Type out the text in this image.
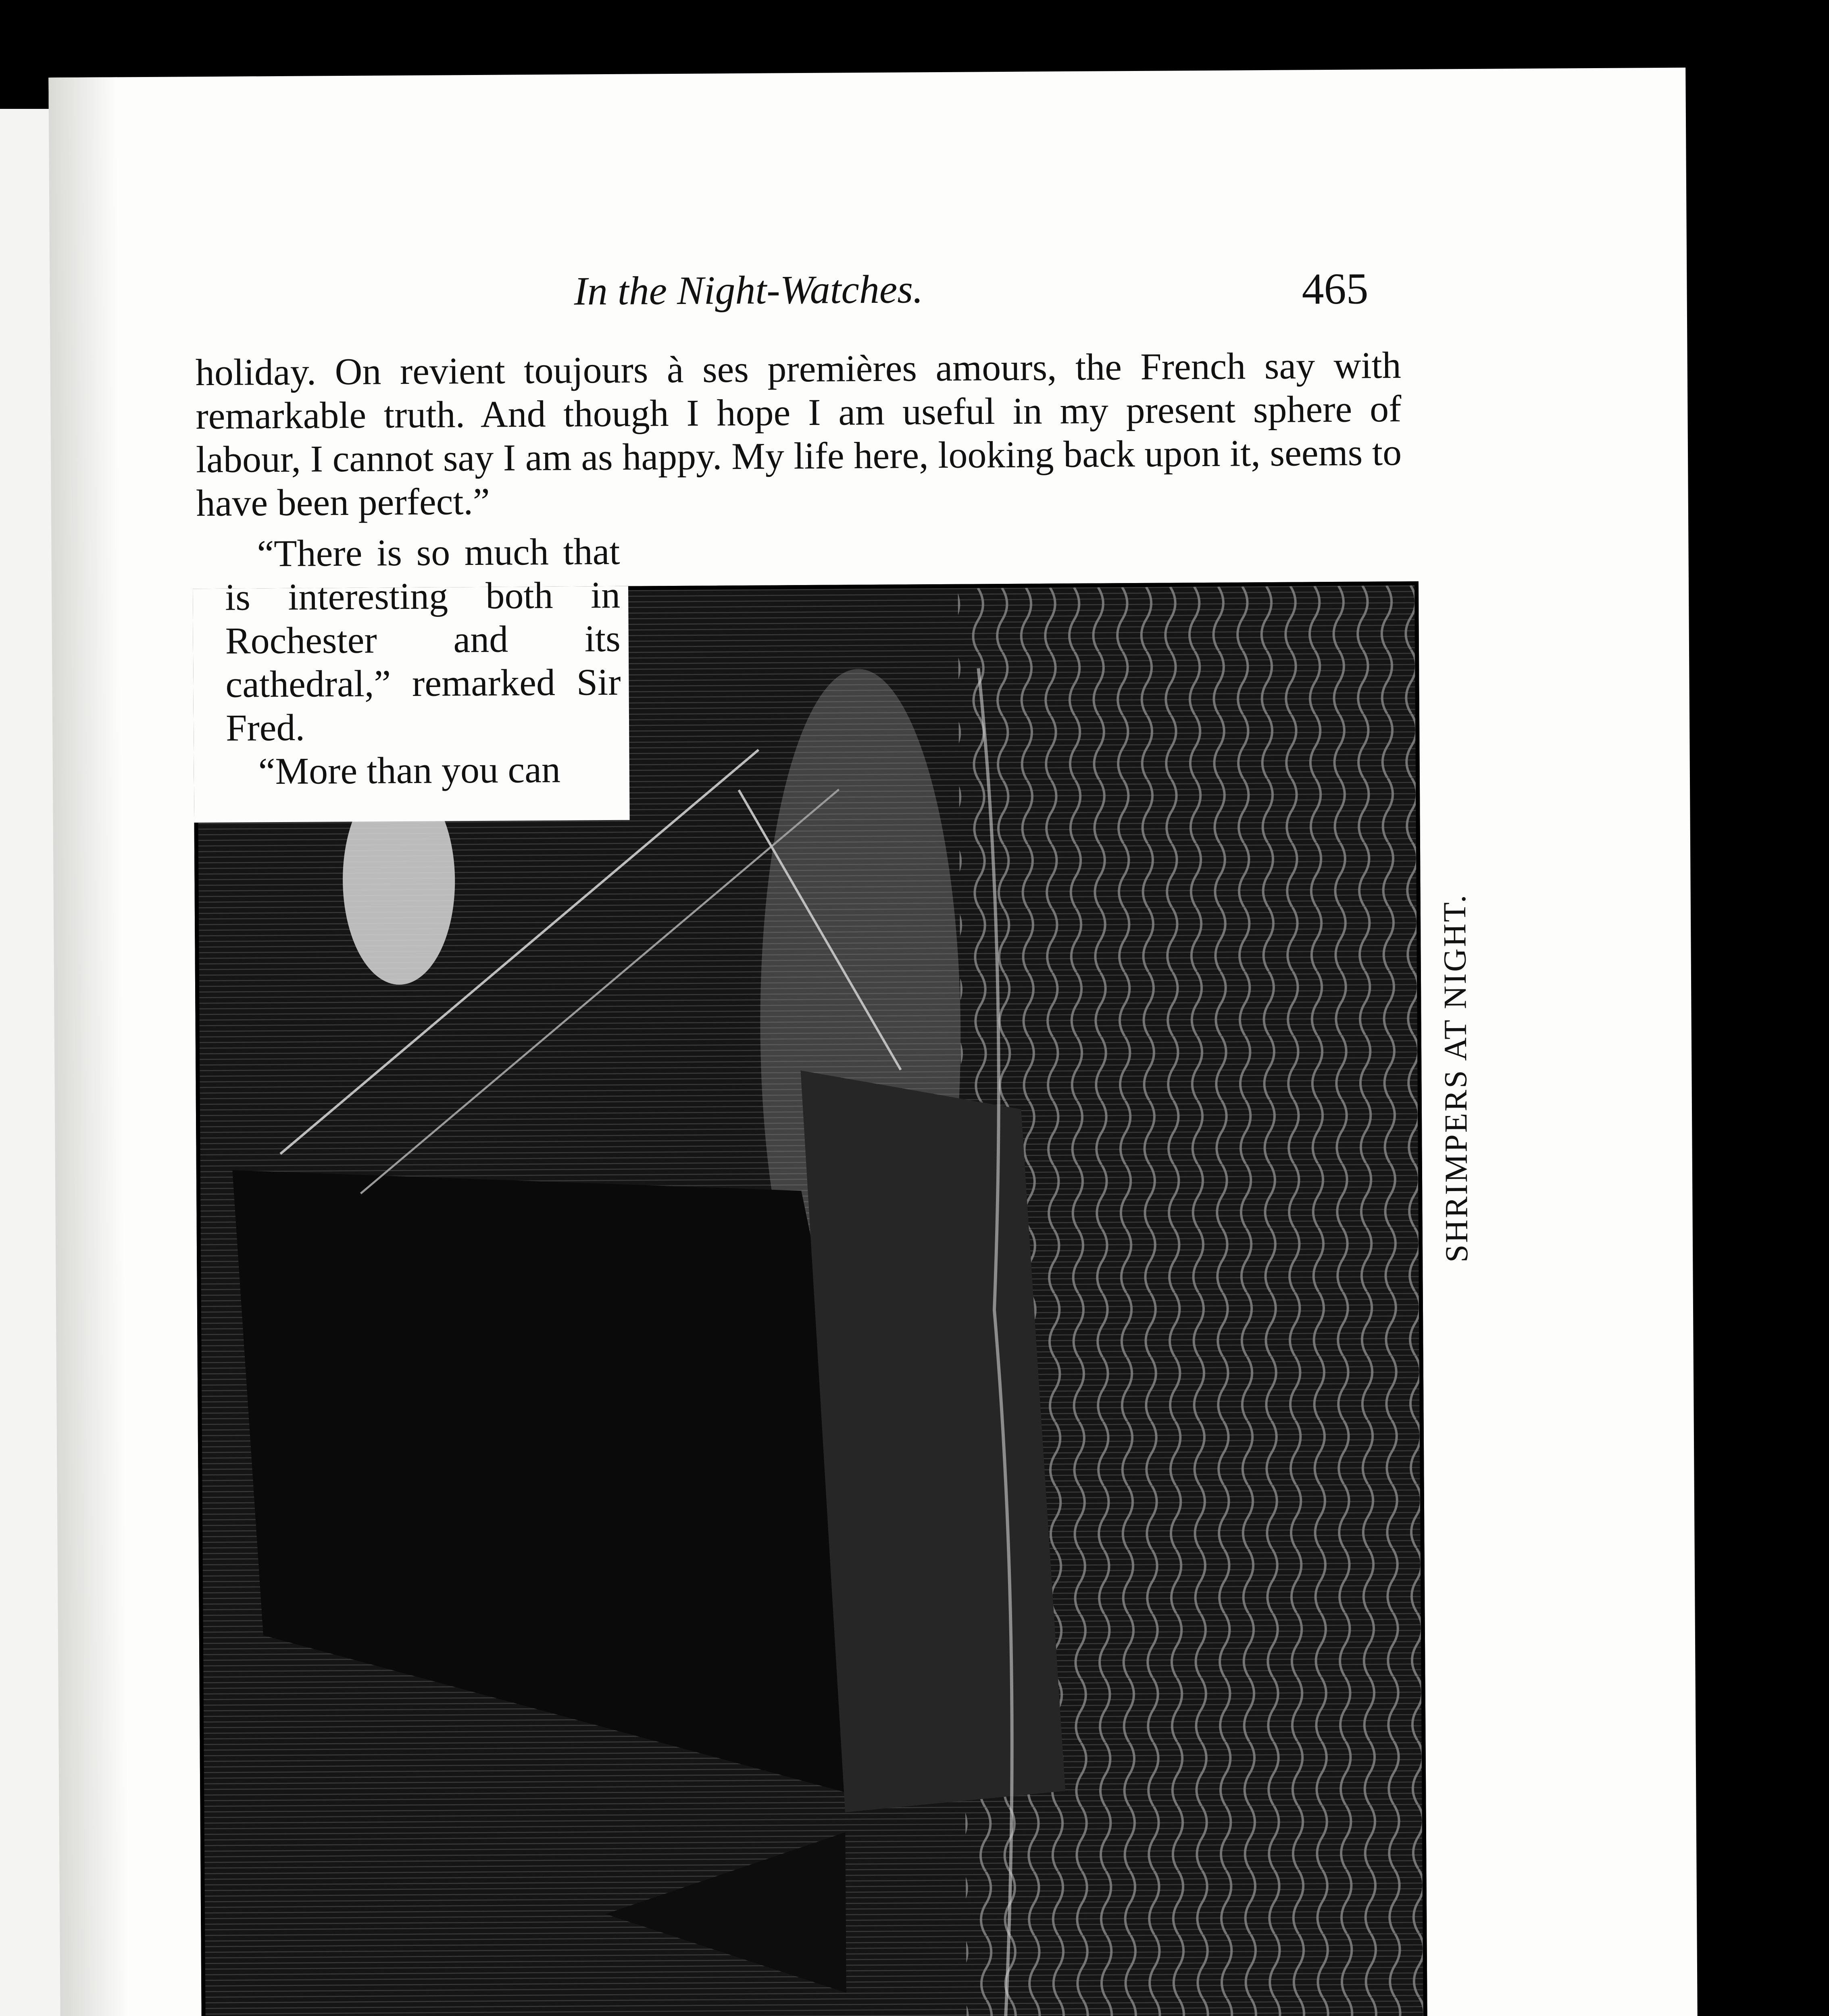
In the Night-Watches.	465

holiday. On revient toujours à ses premières amours, the French say with remarkable truth. And though I hope I am useful in my present sphere of labour, I cannot say I am as happy. My life here, looking back upon it, seems to have been perfect.”

“There is so much that is interesting both in Rochester and its cathedral,” remarked Sir Fred.

“More than you can

SHRIMPERS AT NIGHT.
